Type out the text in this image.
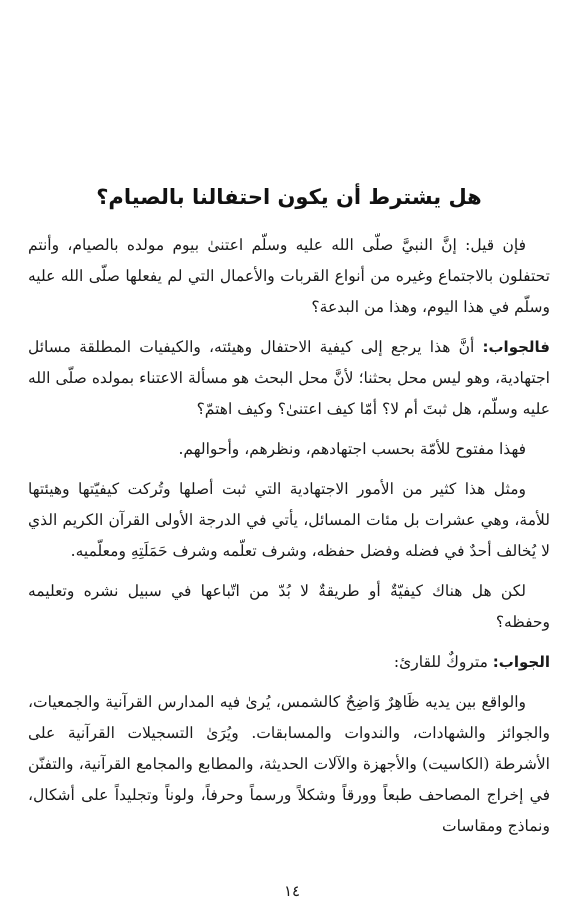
هل يشترط أن يكون احتفالنا بالصيام؟

فإن قيل: إنَّ النبيَّ صلّى الله عليه وسلّم اعتنىٰ بيوم مولده بالصيام، وأنتم تحتفلون بالاجتماع وغيره من أنواع القربات والأعمال التي لم يفعلها صلّى الله عليه وسلّم في هذا اليوم، وهذا من البدعة؟

فالجواب: أنَّ هذا يرجع إلى كيفية الاحتفال وهيئته، والكيفيات المطلقة مسائل اجتهادية، وهو ليس محل بحثنا؛ لأنَّ محل البحث هو مسألة الاعتناء بمولده صلّى الله عليه وسلّم، هل ثبتَ أم لا؟ أمّا كيف اعتنىٰ؟ وكيف اهتمّ؟

فهذا مفتوح للأمّة بحسب اجتهادهم، ونظرهم، وأحوالهم.

ومثل هذا كثير من الأمور الاجتهادية التي ثبت أصلها وتُركت كيفيّتها وهيئتها للأمة، وهي عشرات بل مئات المسائل، يأتي في الدرجة الأولى القرآن الكريم الذي لا يُخالف أحدٌ في فضله وفضل حفظه، وشرف تعلّمه وشرف حَمَلَتِهِ ومعلّميه.

لكن هل هناك كيفيّةٌ أو طريقةٌ لا بُدّ من اتّباعها في سبيل نشره وتعليمه وحفظه؟

الجواب: متروكٌ للقارئ:

والواقع بين يديه ظَاهِرٌ وَاضِحٌ كالشمس، يُرىٰ فيه المدارس القرآنية والجمعيات، والجوائز والشهادات، والندوات والمسابقات. ويُرَىٰ التسجيلات القرآنية على الأشرطة (الكاسيت) والأجهزة والآلات الحديثة، والمطابع والمجامع القرآنية، والتفنّن في إخراج المصاحف طبعاً وورقاً وشكلاً ورسماً وحرفاً، ولوناً وتجليداً على أشكال، ونماذج ومقاسات

١٤
